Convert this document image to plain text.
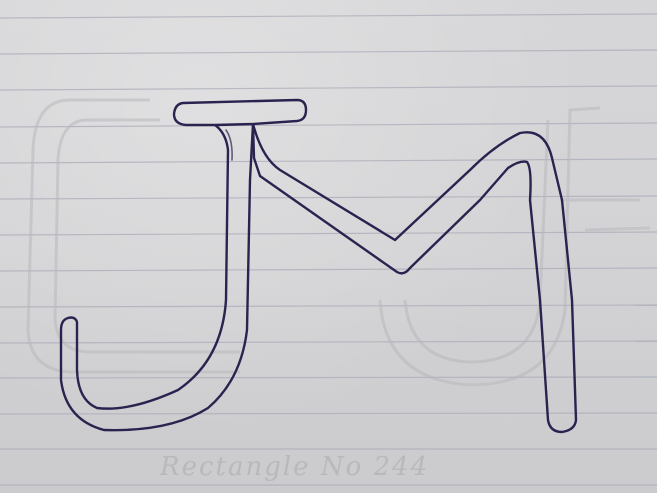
Rectangle No 244
